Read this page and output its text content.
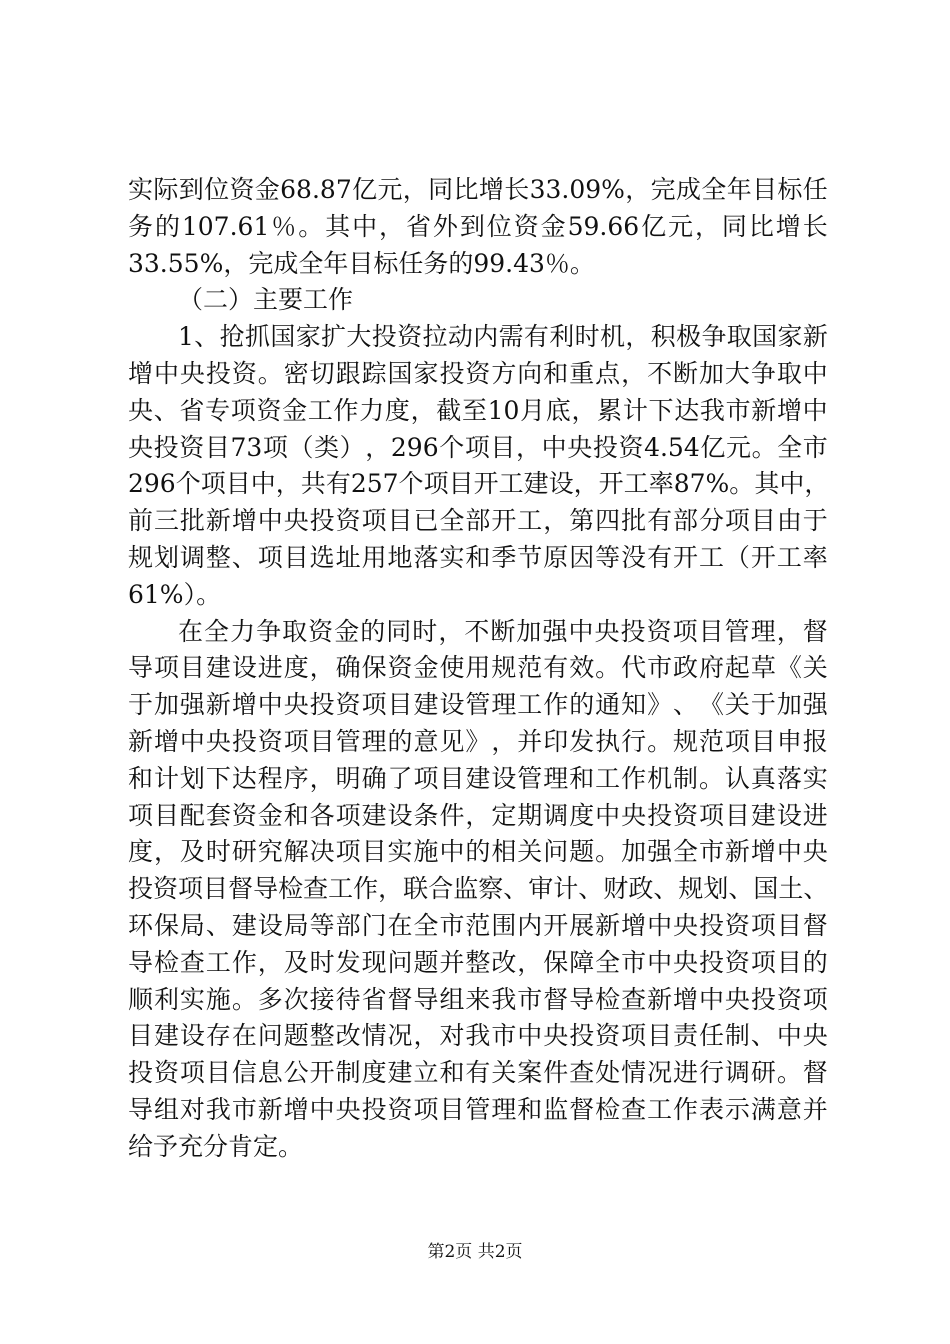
实 际 到 位 资 金 68.87 亿 元 ， 同 比 增 长 33.09% ， 完 成 全 年 目 标 任
务 的 107.61 ％ 。 其 中 ， 省 外 到 位 资 金 59.66 亿 元 ， 同 比 增 长
33.55%，完成全年目标任务的99.43％。
（二）主要工作
1 、 抢 抓 国 家 扩 大 投 资 拉 动 内 需 有 利 时 机 ， 积 极 争 取 国 家 新
增 中 央 投 资 。 密 切 跟 踪 国 家 投 资 方 向 和 重 点 ， 不 断 加 大 争 取 中
央 、 省 专 项 资 金 工 作 力 度 ， 截 至 10 月 底 ， 累 计 下 达 我 市 新 增 中
央 投 资 目 73 项 （ 类 ） ， 296 个 项 目 ， 中 央 投 资 4.54 亿 元 。 全 市
296 个 项 目 中 ， 共 有 257 个 项 目 开 工 建 设 ， 开 工 率 87% 。 其 中 ，
前 三 批 新 增 中 央 投 资 项 目 已 全 部 开 工 ， 第 四 批 有 部 分 项 目 由 于
规 划 调 整 、 项 目 选 址 用 地 落 实 和 季 节 原 因 等 没 有 开 工 （ 开 工 率
61%）。
在 全 力 争 取 资 金 的 同 时 ， 不 断 加 强 中 央 投 资 项 目 管 理 ， 督
导 项 目 建 设 进 度 ， 确 保 资 金 使 用 规 范 有 效 。 代 市 政 府 起 草 《 关
于 加 强 新 增 中 央 投 资 项 目 建 设 管 理 工 作 的 通 知 》 、 《 关 于 加 强
新 增 中 央 投 资 项 目 管 理 的 意 见 》 ， 并 印 发 执 行 。 规 范 项 目 申 报
和 计 划 下 达 程 序 ， 明 确 了 项 目 建 设 管 理 和 工 作 机 制 。 认 真 落 实
项 目 配 套 资 金 和 各 项 建 设 条 件 ， 定 期 调 度 中 央 投 资 项 目 建 设 进
度 ， 及 时 研 究 解 决 项 目 实 施 中 的 相 关 问 题 。 加 强 全 市 新 增 中 央
投 资 项 目 督 导 检 查 工 作 ， 联 合 监 察 、 审 计 、 财 政 、 规 划 、 国 土 、
环 保 局 、 建 设 局 等 部 门 在 全 市 范 围 内 开 展 新 增 中 央 投 资 项 目 督
导 检 查 工 作 ， 及 时 发 现 问 题 并 整 改 ， 保 障 全 市 中 央 投 资 项 目 的
顺 利 实 施 。 多 次 接 待 省 督 导 组 来 我 市 督 导 检 查 新 增 中 央 投 资 项
目 建 设 存 在 问 题 整 改 情 况 ， 对 我 市 中 央 投 资 项 目 责 任 制 、 中 央
投 资 项 目 信 息 公 开 制 度 建 立 和 有 关 案 件 查 处 情 况 进 行 调 研 。 督
导 组 对 我 市 新 增 中 央 投 资 项 目 管 理 和 监 督 检 查 工 作 表 示 满 意 并
给予充分肯定。
第2页 共2页
